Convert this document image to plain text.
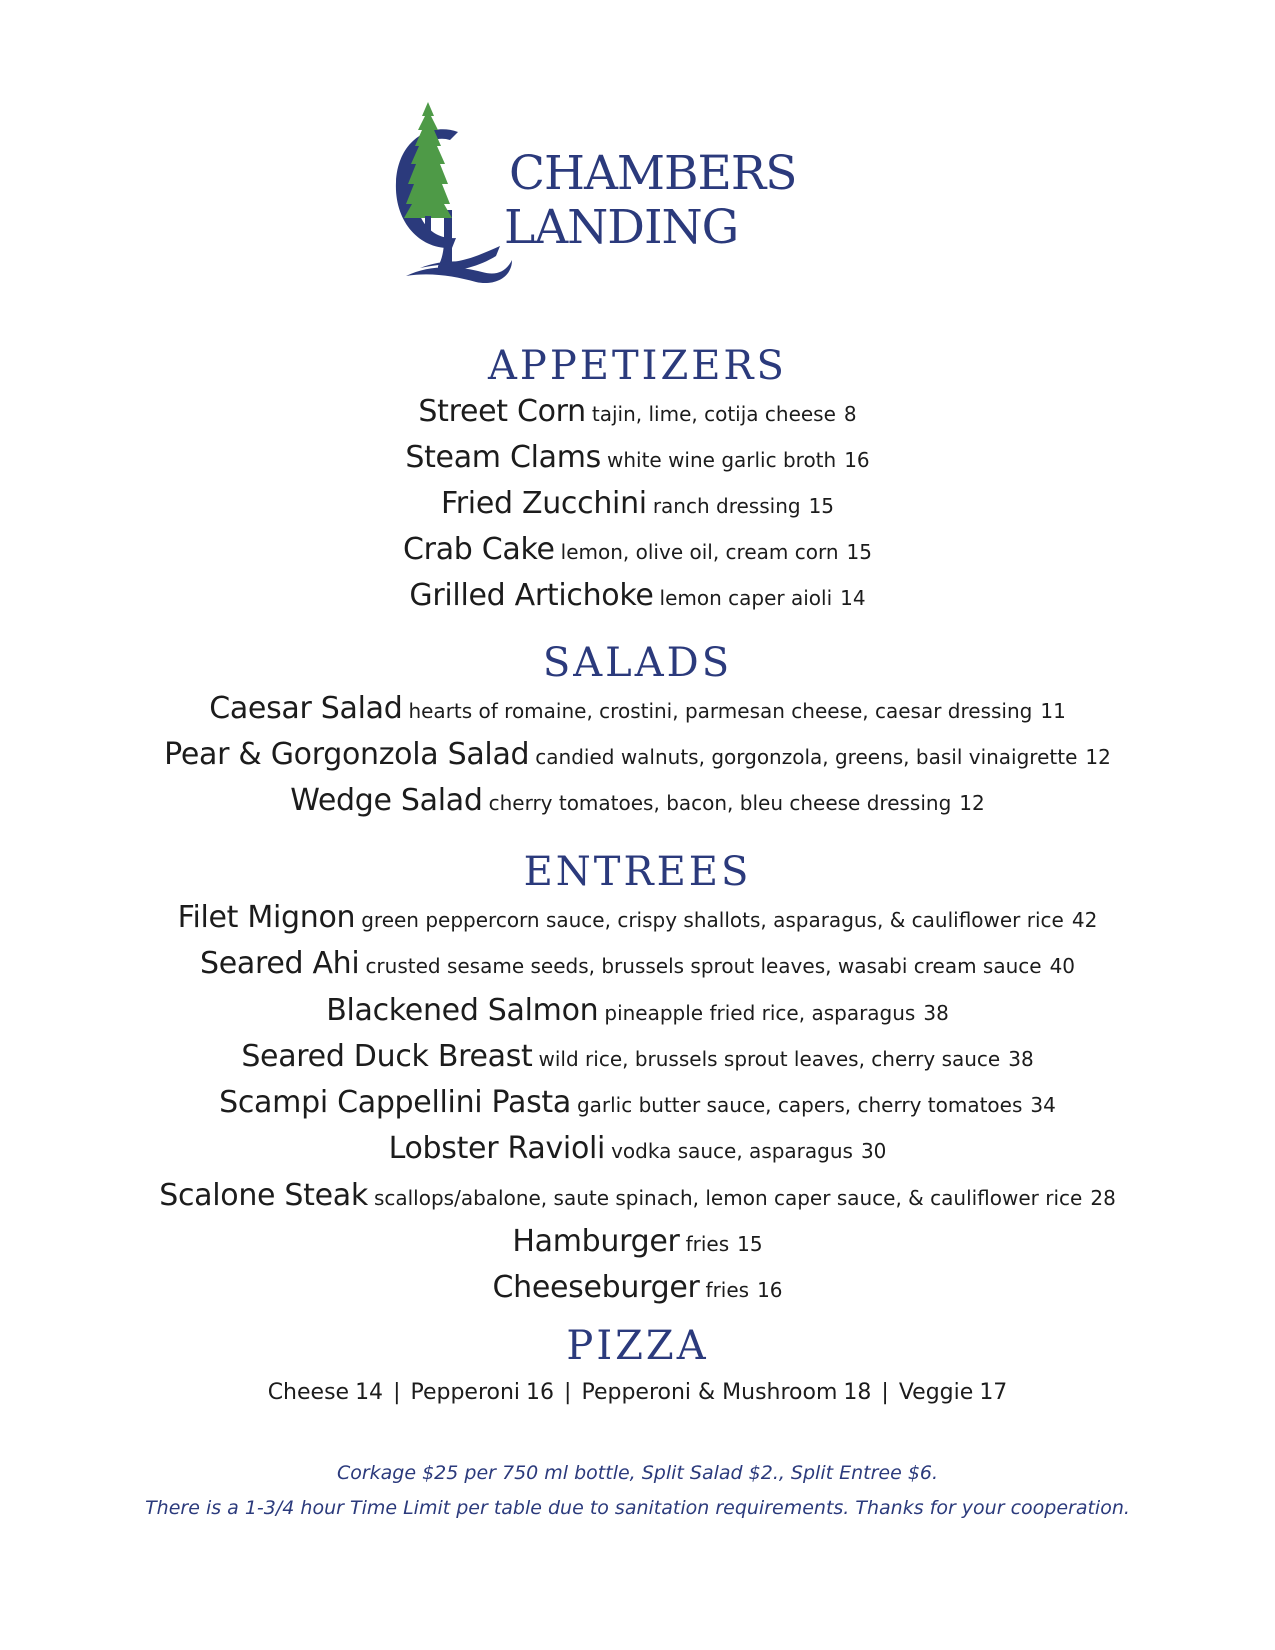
CHAMBERS
LANDING
APPETIZERS
Street Corn tajin, lime, cotija cheese 8
Steam Clams white wine garlic broth 16
Fried Zucchini ranch dressing 15
Crab Cake lemon, olive oil, cream corn 15
Grilled Artichoke lemon caper aioli 14
SALADS
Caesar Salad hearts of romaine, crostini, parmesan cheese, caesar dressing 11
Pear & Gorgonzola Salad candied walnuts, gorgonzola, greens, basil vinaigrette 12
Wedge Salad cherry tomatoes, bacon, bleu cheese dressing 12
ENTREES
Filet Mignon green peppercorn sauce, crispy shallots, asparagus, & cauliflower rice 42
Seared Ahi crusted sesame seeds, brussels sprout leaves, wasabi cream sauce 40
Blackened Salmon pineapple fried rice, asparagus 38
Seared Duck Breast wild rice, brussels sprout leaves, cherry sauce 38
Scampi Cappellini Pasta garlic butter sauce, capers, cherry tomatoes 34
Lobster Ravioli vodka sauce, asparagus 30
Scalone Steak scallops/abalone, saute spinach, lemon caper sauce, & cauliflower rice 28
Hamburger fries 15
Cheeseburger fries 16
PIZZA
Cheese 14 | Pepperoni 16 | Pepperoni & Mushroom 18 | Veggie 17
Corkage $25 per 750 ml bottle, Split Salad $2., Split Entree $6.
There is a 1-3/4 hour Time Limit per table due to sanitation requirements. Thanks for your cooperation.
